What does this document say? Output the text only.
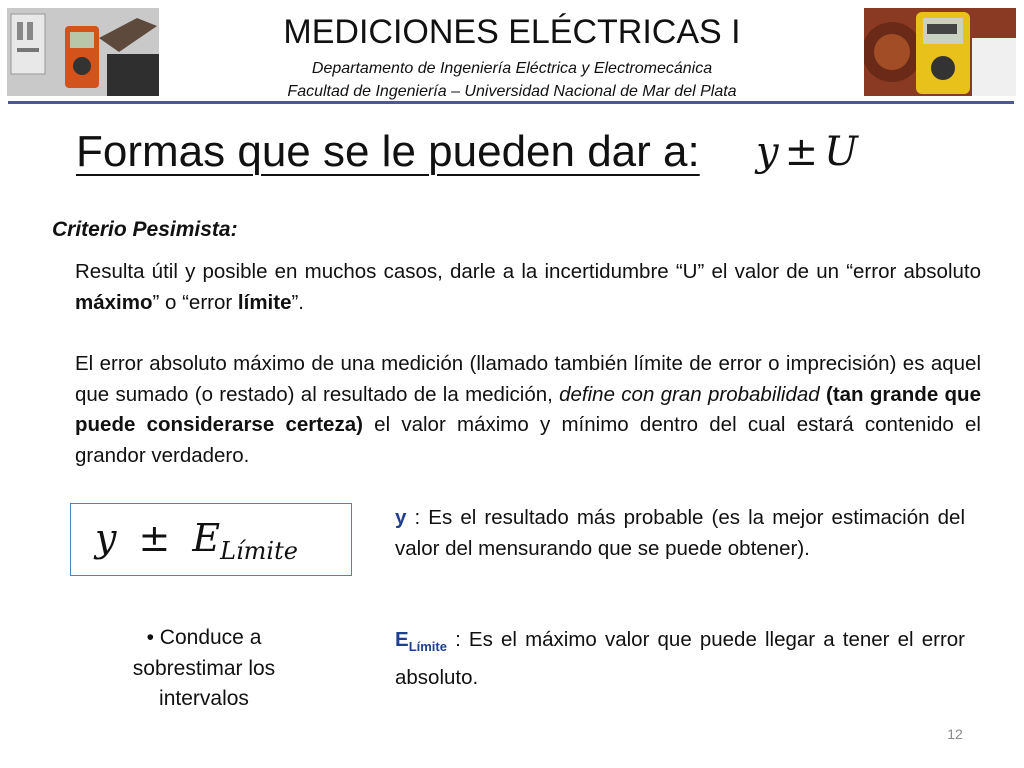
MEDICIONES ELÉCTRICAS I
Departamento de Ingeniería Eléctrica y Electromecánica
Facultad de Ingeniería – Universidad Nacional de Mar del Plata
Formas que se le pueden dar a: y ± U
Criterio Pesimista:
Resulta útil y posible en muchos casos, darle a la incertidumbre “U” el valor de un “error absoluto máximo” o “error límite”.
El error absoluto máximo de una medición (llamado también límite de error o imprecisión) es aquel que sumado (o restado) al resultado de la medición, define con gran probabilidad (tan grande que puede considerarse certeza) el valor máximo y mínimo dentro del cual estará contenido el grandor verdadero.
$y \pm E_{Límite}$
• Conduce a sobrestimar los intervalos
y : Es el resultado más probable (es la mejor estimación del valor del mensurando que se puede obtener).
$E_{Límite}$ : Es el máximo valor que puede llegar a tener el error absoluto.
12
